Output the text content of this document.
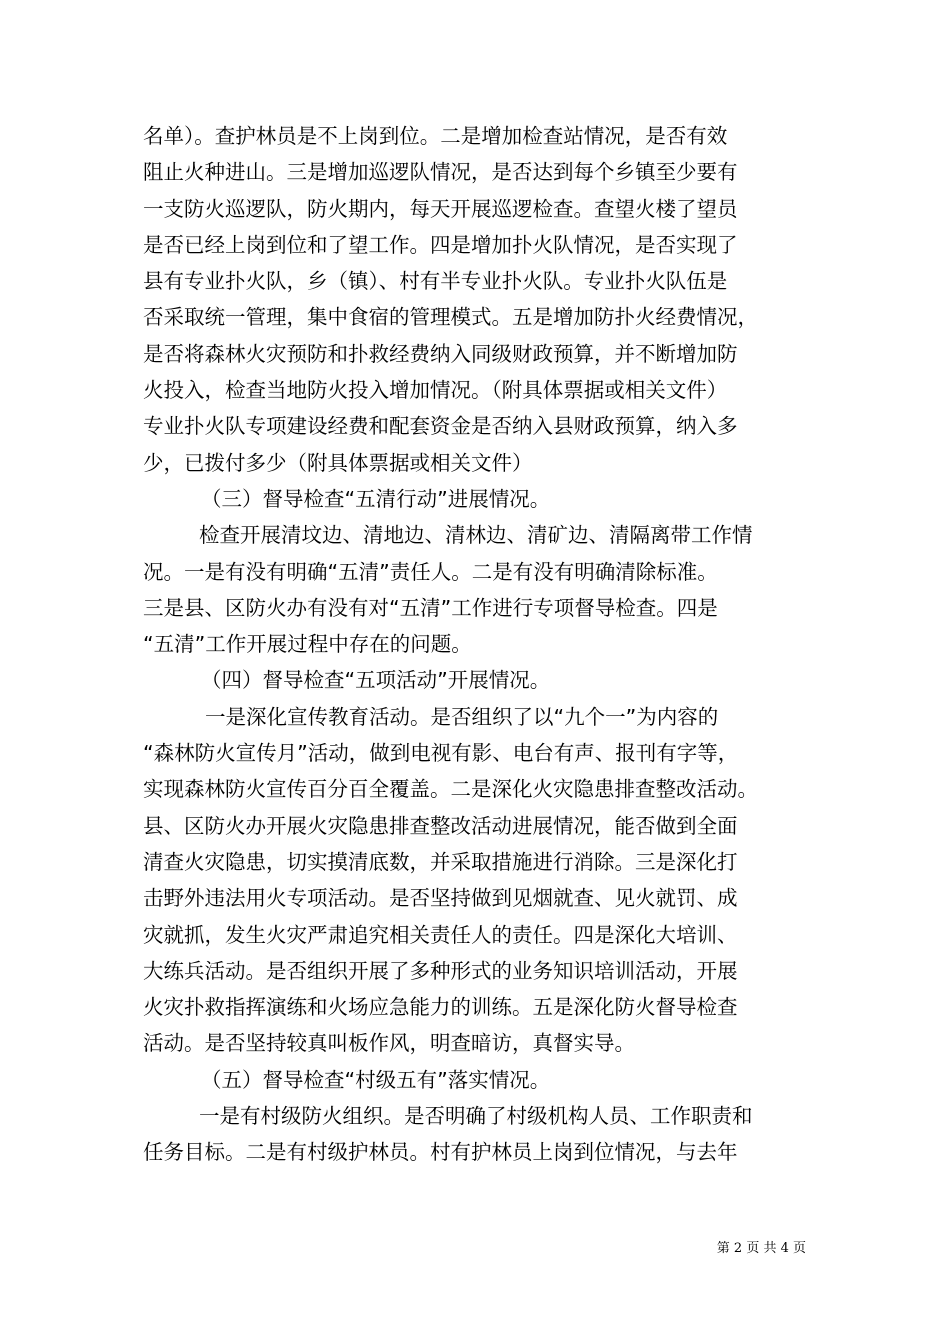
名单）。查护林员是不上岗到位。二是增加检查站情况，是否有效
阻止火种进山。三是增加巡逻队情况，是否达到每个乡镇至少要有
一支防火巡逻队，防火期内，每天开展巡逻检查。查望火楼了望员
是否已经上岗到位和了望工作。四是增加扑火队情况，是否实现了
县有专业扑火队，乡（镇）、村有半专业扑火队。专业扑火队伍是
否采取统一管理，集中食宿的管理模式。五是增加防扑火经费情况，
是否将森林火灾预防和扑救经费纳入同级财政预算，并不断增加防
火投入，检查当地防火投入增加情况。（附具体票据或相关文件）
专业扑火队专项建设经费和配套资金是否纳入县财政预算，纳入多
少，已拨付多少（附具体票据或相关文件）
（三）督导检查“五清行动”进展情况。
检查开展清坟边、清地边、清林边、清矿边、清隔离带工作情
况。一是有没有明确“五清”责任人。二是有没有明确清除标准。
三是县、区防火办有没有对“五清”工作进行专项督导检查。四是
“五清”工作开展过程中存在的问题。
（四）督导检查“五项活动”开展情况。
一是深化宣传教育活动。是否组织了以“九个一”为内容的
“森林防火宣传月”活动，做到电视有影、电台有声、报刊有字等，
实现森林防火宣传百分百全覆盖。二是深化火灾隐患排查整改活动。
县、区防火办开展火灾隐患排查整改活动进展情况，能否做到全面
清查火灾隐患，切实摸清底数，并采取措施进行消除。三是深化打
击野外违法用火专项活动。是否坚持做到见烟就查、见火就罚、成
灾就抓，发生火灾严肃追究相关责任人的责任。四是深化大培训、
大练兵活动。是否组织开展了多种形式的业务知识培训活动，开展
火灾扑救指挥演练和火场应急能力的训练。五是深化防火督导检查
活动。是否坚持较真叫板作风，明查暗访，真督实导。
（五）督导检查“村级五有”落实情况。
一是有村级防火组织。是否明确了村级机构人员、工作职责和
任务目标。二是有村级护林员。村有护林员上岗到位情况，与去年
第 2 页 共 4 页
